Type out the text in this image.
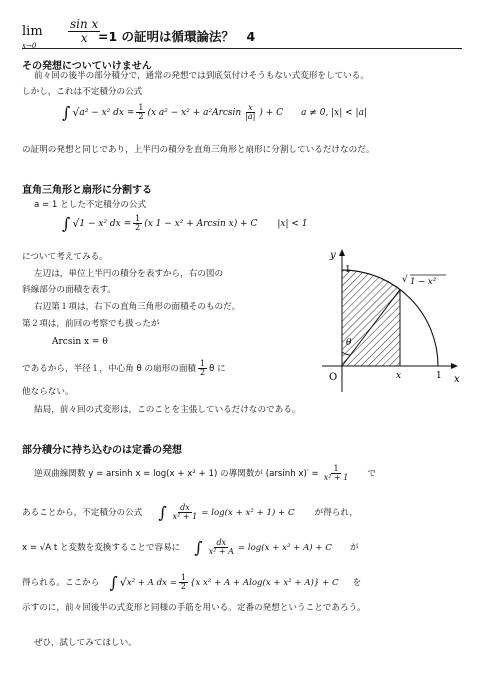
lim
x→0
$\frac{\text{sin x}}{x}$
=1 の証明は循環論法？　4
その発想についていけません
前々回の後半の部分積分で，通常の発想では到底気付けそうもない式変形をしている。
しかし，これは不定積分の公式
∫ √ a² − x² dx = $\frac{1}{2} (x$ $a^2 - x^2 + a^2Arcsin \frac{x}{|a|}$ ) + C a ≠ 0, |x| < |a|
の証明の発想と同じであり，上半円の積分を直角三角形と扇形に分割しているだけなのだ。
直角三角形と扇形に分割する
a = 1 とした不定積分の公式
∫ √ 1 − x² dx = $\frac{1}{2} (x$ 1 − x² + Arcsin x) + C |x| < 1
について考えてみる。
左辺は，単位上半円の積分を表すから，右の図の
斜線部分の面積を表す。
右辺第１項は，右下の直角三角形の面積そのものだ。
第２項は，前回の考察でも扱ったが
Arcsin x = θ
であるから，半径１，中心角 θ の扇形の面積 $\frac{1}{2}$ θ に
他ならない。
結局，前々回の式変形は，このことを主張しているだけなのである。
y
x
O
1
1
x
θ
√ 1 − x²
部分積分に持ち込むのは定番の発想
逆双曲線関数 y = arsinh x = log(x + x² + 1) の導関数が (arsinh $x)' = \frac{1}{\text{x² + 1}}$ で
あることから，不定積分の公式 ∫ $\frac{dx}{\text{x² + 1}} = \log(x + x^2 + 1) + C$ が得られ，
x = √A t と変数を変換することで容易に ∫ $\frac{dx}{\text{x² + A}} = \log(x + x^2 + A) + C$ が
得られる。ここから ∫ √ x² + A dx = $\frac{1}{2} \{x$ x² + A + Alog(x + x² + A)} + C を
示すのに，前々回後半の式変形と同様の手筋を用いる。定番の発想ということであろう。
ぜひ，試してみてほしい。
